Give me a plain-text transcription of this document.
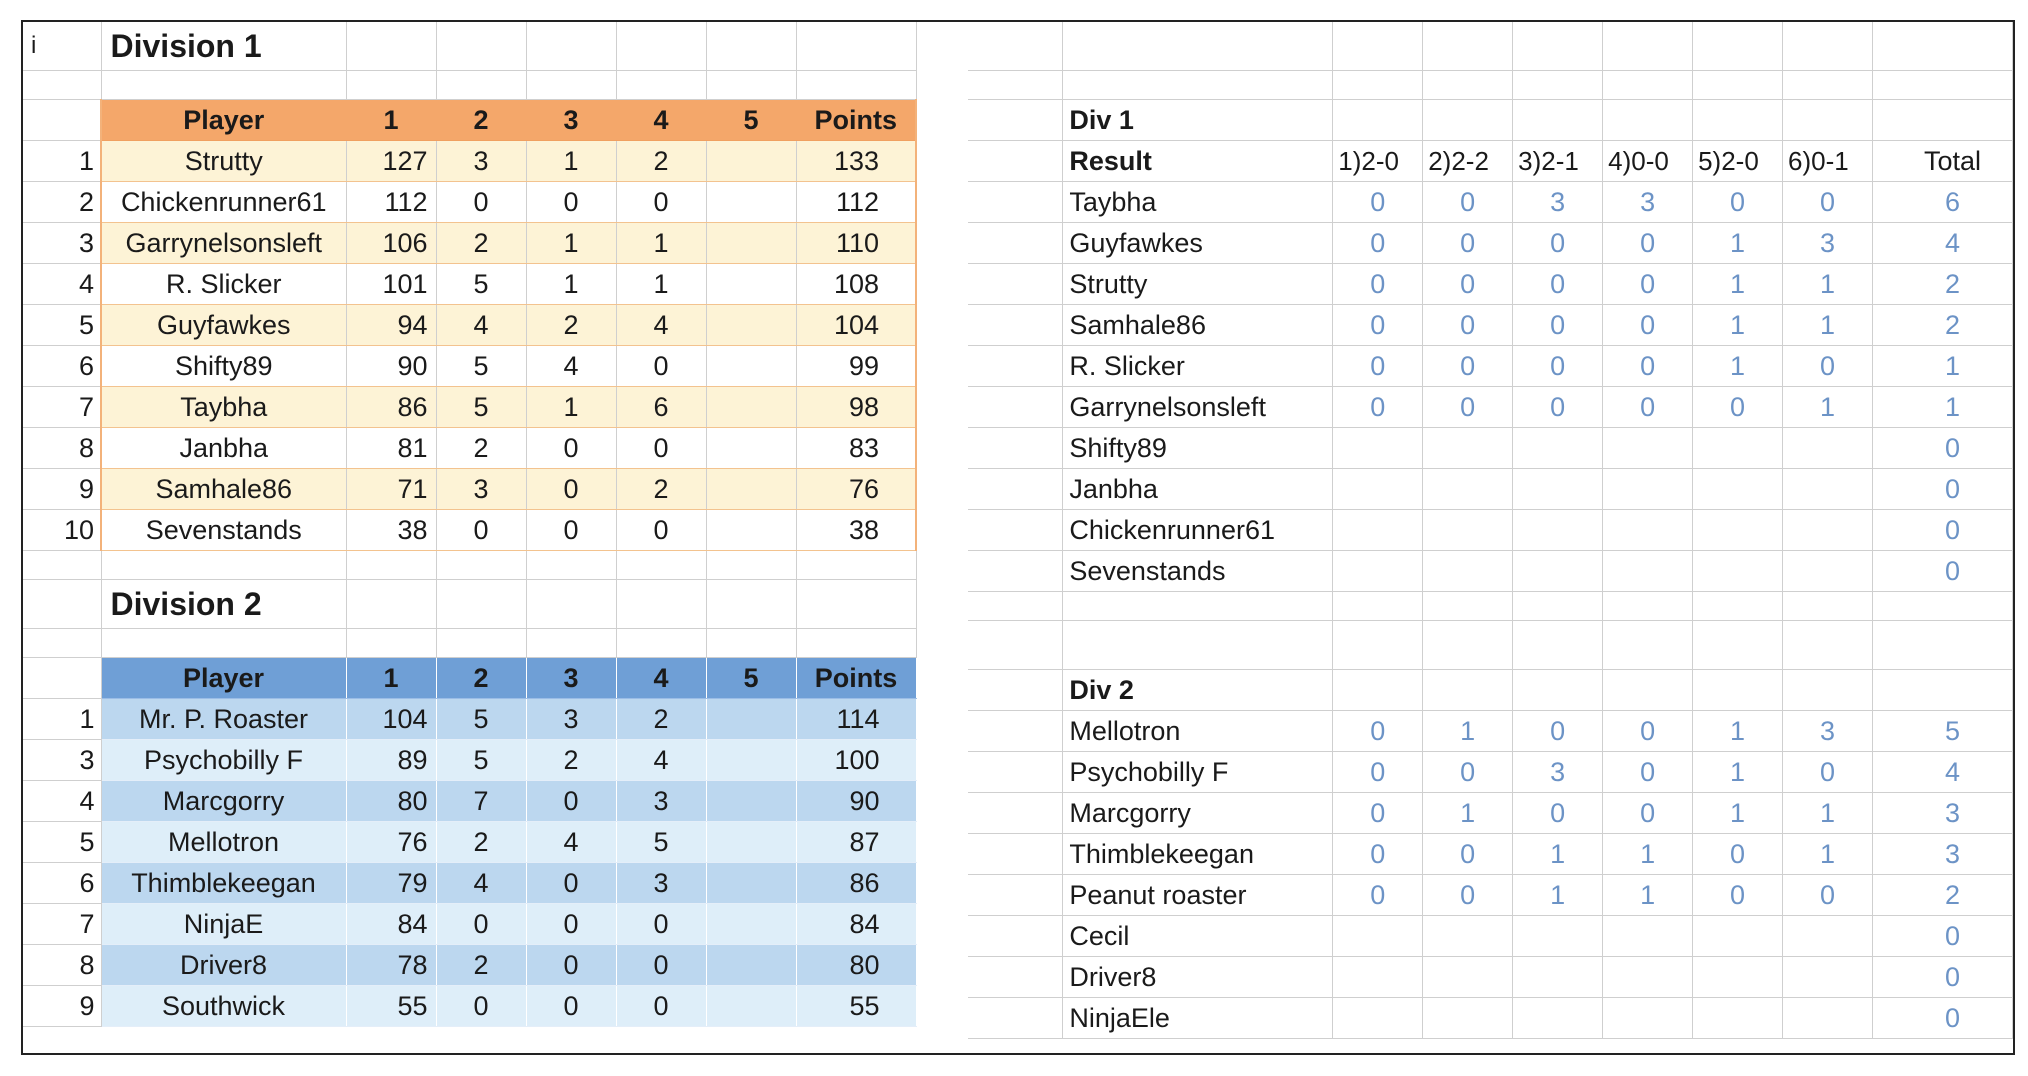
i	Division 1						

	Player	1	2	3	4	5	Points
1	Strutty	127	3	1	2		133
2	Chickenrunner61	112	0	0	0		112
3	Garrynelsonsleft	106	2	1	1		110
4	R. Slicker	101	5	1	1		108
5	Guyfawkes	94	4	2	4		104
6	Shifty89	90	5	4	0		99
7	Taybha	86	5	1	6		98
8	Janbha	81	2	0	0		83
9	Samhale86	71	3	0	2		76
10	Sevenstands	38	0	0	0		38

	Division 2						

	Player	1	2	3	4	5	Points
1	Mr. P. Roaster	104	5	3	2		114
3	Psychobilly F	89	5	2	4		100
4	Marcgorry	80	7	0	3		90
5	Mellotron	76	2	4	5		87
6	Thimblekeegan	79	4	0	3		86
7	NinjaE	84	0	0	0		84
8	Driver8	78	2	0	0		80
9	Southwick	55	0	0	0		55

	Div 1							
	Result	1)2-0	2)2-2	3)2-1	4)0-0	5)2-0	6)0-1	Total
	Taybha	0	0	3	3	0	0	6
	Guyfawkes	0	0	0	0	1	3	4
	Strutty	0	0	0	0	1	1	2
	Samhale86	0	0	0	0	1	1	2
	R. Slicker	0	0	0	0	1	0	1
	Garrynelsonsleft	0	0	0	0	0	1	1
	Shifty89							0
	Janbha							0
	Chickenrunner61							0
	Sevenstands							0

	Div 2							
	Mellotron	0	1	0	0	1	3	5
	Psychobilly F	0	0	3	0	1	0	4
	Marcgorry	0	1	0	0	1	1	3
	Thimblekeegan	0	0	1	1	0	1	3
	Peanut roaster	0	0	1	1	0	0	2
	Cecil							0
	Driver8							0
	NinjaEle							0
